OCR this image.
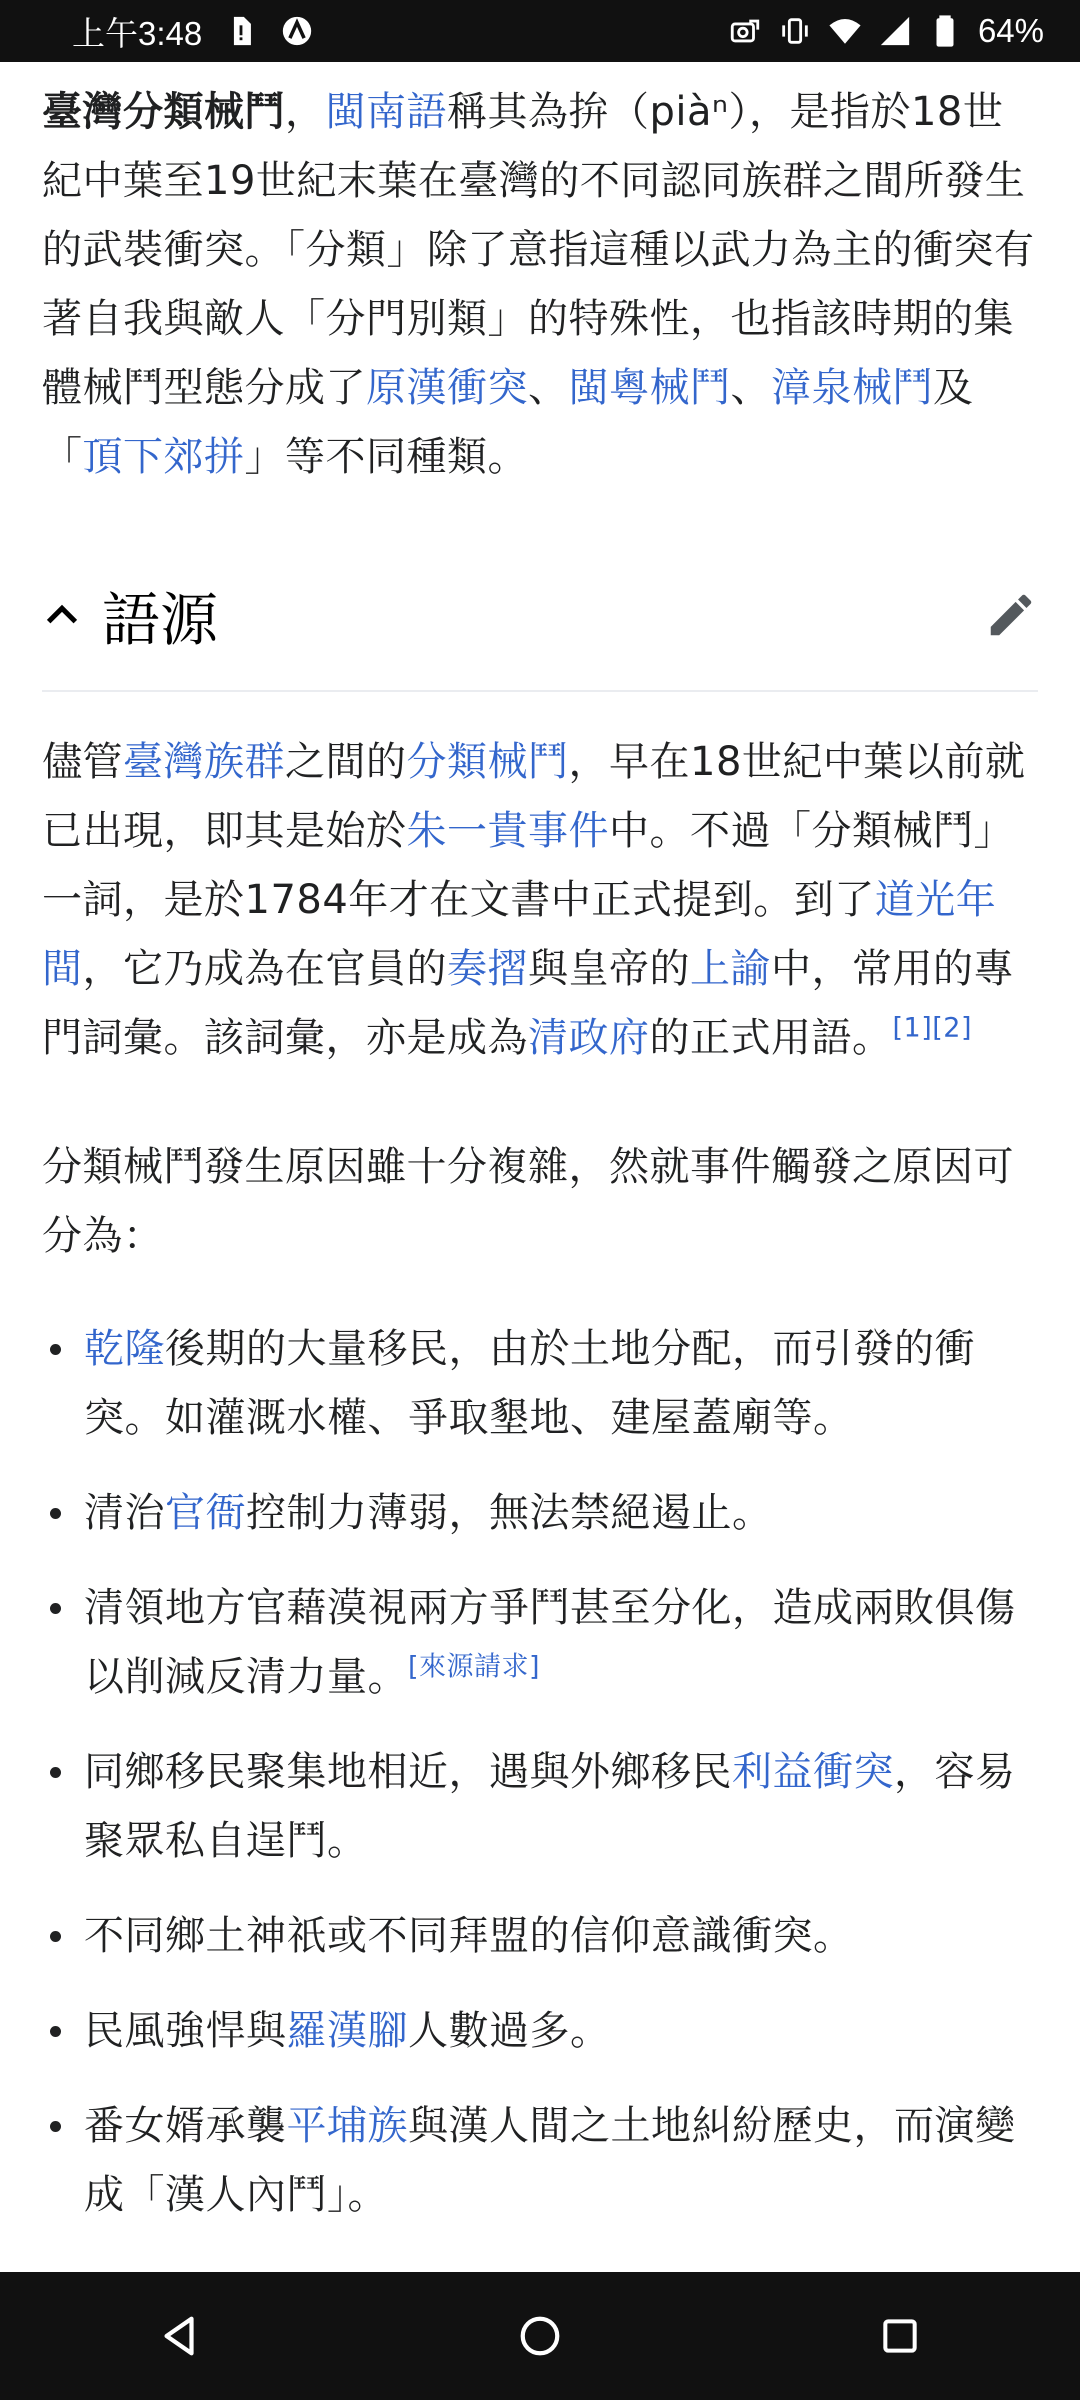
上午3:48	64%

臺灣分類械鬥，閩南語稱其為拚（piàⁿ），是指於18世紀中葉至19世紀末葉在臺灣的不同認同族群之間所發生的武裝衝突。「分類」除了意指這種以武力為主的衝突有著自我與敵人「分門別類」的特殊性，也指該時期的集體械鬥型態分成了原漢衝突、閩粵械鬥、漳泉械鬥及「頂下郊拼」等不同種類。

語源

儘管臺灣族群之間的分類械鬥，早在18世紀中葉以前就已出現，即其是始於朱一貴事件中。不過「分類械鬥」一詞，是於1784年才在文書中正式提到。到了道光年間，它乃成為在官員的奏摺與皇帝的上諭中，常用的專門詞彙。該詞彙，亦是成為清政府的正式用語。[1][2]

分類械鬥發生原因雖十分複雜，然就事件觸發之原因可分為：

乾隆後期的大量移民，由於土地分配，而引發的衝突。如灌溉水權、爭取墾地、建屋蓋廟等。
清治官衙控制力薄弱，無法禁絕遏止。
清領地方官藉漠視兩方爭鬥甚至分化，造成兩敗俱傷以削減反清力量。[來源請求]
同鄉移民聚集地相近，遇與外鄉移民利益衝突，容易聚眾私自逞鬥。
不同鄉土神祇或不同拜盟的信仰意識衝突。
民風強悍與羅漢腳人數過多。
番女婿承襲平埔族與漢人間之土地糾紛歷史，而演變成「漢人內鬥」。
